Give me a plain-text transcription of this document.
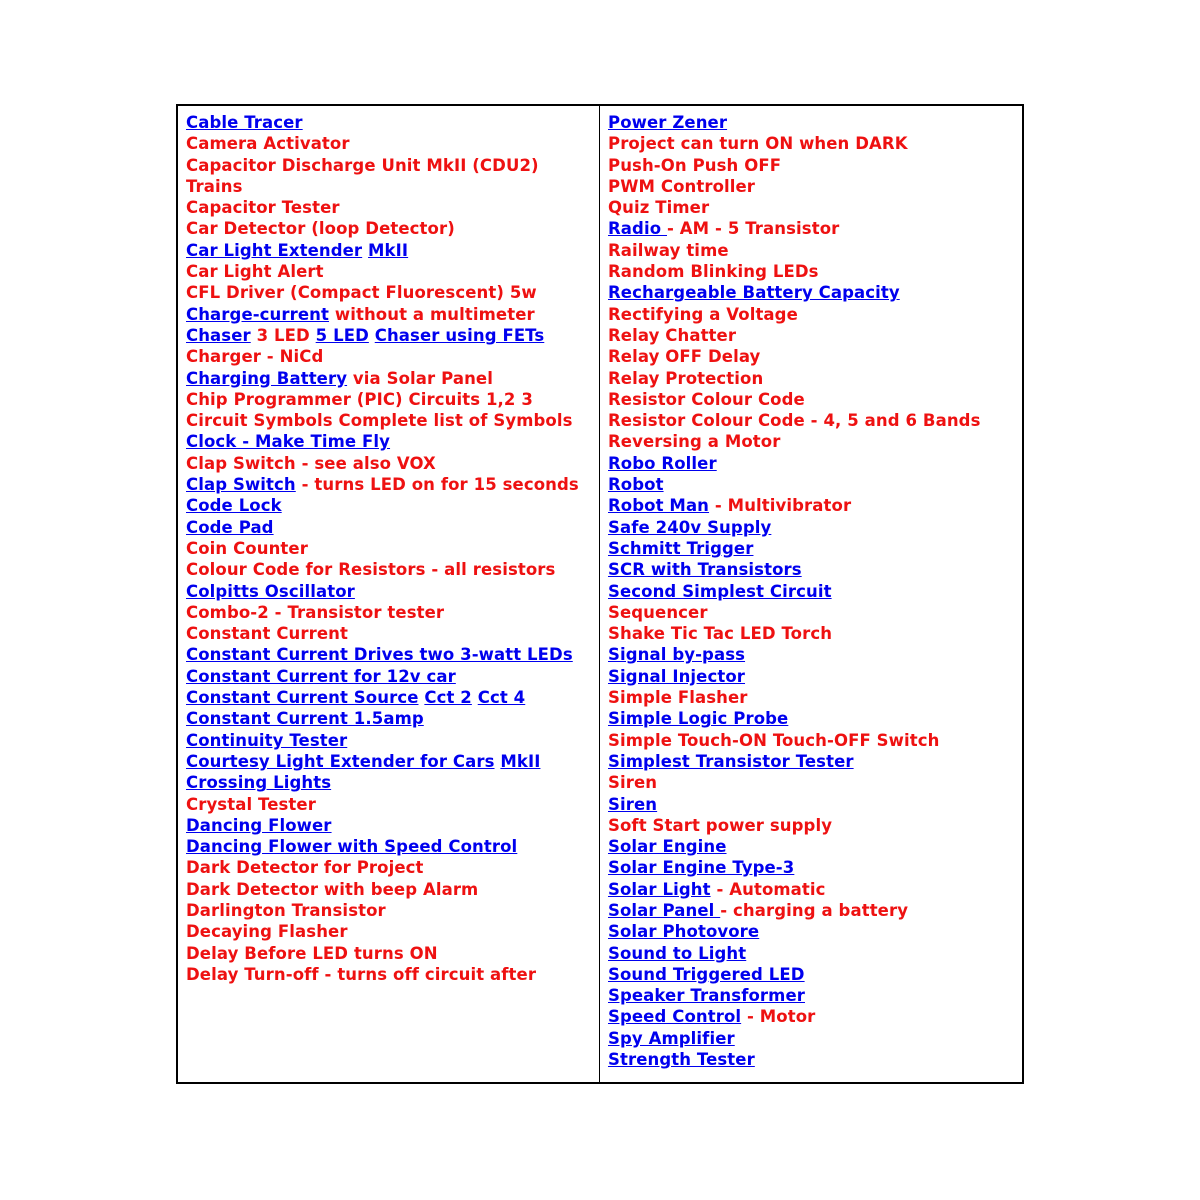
Cable Tracer
Camera Activator
Capacitor Discharge Unit MkII (CDU2) Trains
Capacitor Tester
Car Detector (loop Detector)
Car Light Extender MkII
Car Light Alert
CFL Driver (Compact Fluorescent) 5w
Charge-current without a multimeter
Chaser 3 LED 5 LED Chaser using FETs
Charger - NiCd
Charging Battery via Solar Panel
Chip Programmer (PIC) Circuits 1,2 3
Circuit Symbols Complete list of Symbols
Clock - Make Time Fly
Clap Switch - see also VOX
Clap Switch - turns LED on for 15 seconds
Code Lock
Code Pad
Coin Counter
Colour Code for Resistors - all resistors
Colpitts Oscillator
Combo-2 - Transistor tester
Constant Current
Constant Current Drives two 3-watt LEDs
Constant Current for 12v car
Constant Current Source Cct 2 Cct 4
Constant Current 1.5amp
Continuity Tester
Courtesy Light Extender for Cars MkII
Crossing Lights
Crystal Tester
Dancing Flower
Dancing Flower with Speed Control
Dark Detector for Project
Dark Detector with beep Alarm
Darlington Transistor
Decaying Flasher
Delay Before LED turns ON
Delay Turn-off - turns off circuit after
Power Zener
Project can turn ON when DARK
Push-On Push OFF
PWM Controller
Quiz Timer
Radio - AM - 5 Transistor
Railway time
Random Blinking LEDs
Rechargeable Battery Capacity
Rectifying a Voltage
Relay Chatter
Relay OFF Delay
Relay Protection
Resistor Colour Code
Resistor Colour Code - 4, 5 and 6 Bands
Reversing a Motor
Robo Roller
Robot
Robot Man - Multivibrator
Safe 240v Supply
Schmitt Trigger
SCR with Transistors
Second Simplest Circuit
Sequencer
Shake Tic Tac LED Torch
Signal by-pass
Signal Injector
Simple Flasher
Simple Logic Probe
Simple Touch-ON Touch-OFF Switch
Simplest Transistor Tester
Siren
Siren
Soft Start power supply
Solar Engine
Solar Engine Type-3
Solar Light - Automatic
Solar Panel - charging a battery
Solar Photovore
Sound to Light
Sound Triggered LED
Speaker Transformer
Speed Control - Motor
Spy Amplifier
Strength Tester
